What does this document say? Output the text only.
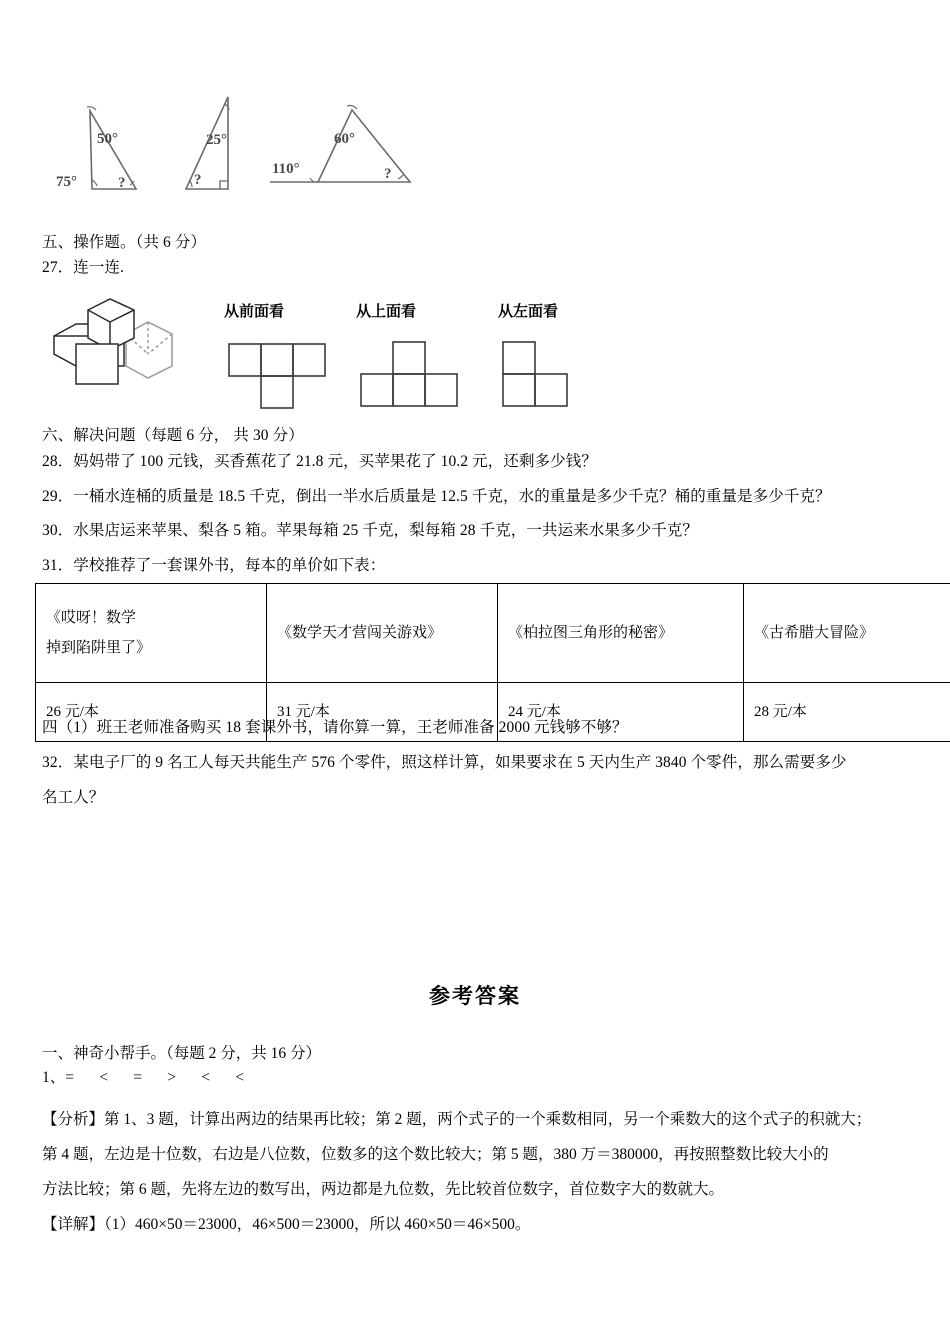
50°
75°	?
25°
?
60°
110°	?
五、操作题。（共 6 分）
27．连一连.
从前面看	从上面看	从左面看
六、解决问题（每题 6 分， 共 30 分）
28．妈妈带了 100 元钱，买香蕉花了 21.8 元，买苹果花了 10.2 元，还剩多少钱？
29．一桶水连桶的质量是 18.5 千克，倒出一半水后质量是 12.5 千克，水的重量是多少千克？桶的重量是多少千克？
30．水果店运来苹果、梨各 5 箱。苹果每箱 25 千克，梨每箱 28 千克，一共运来水果多少千克？
31．学校推荐了一套课外书，每本的单价如下表：
《哎呀！数学
掉到陷阱里了》	《数学天才营闯关游戏》	《柏拉图三角形的秘密》	《古希腊大冒险》
26 元/本	31 元/本	24 元/本	28 元/本
四（1）班王老师准备购买 18 套课外书，请你算一算，王老师准备 2000 元钱够不够？
32．某电子厂的 9 名工人每天共能生产 576 个零件，照这样计算，如果要求在 5 天内生产 3840 个零件，那么需要多少
名工人？
参考答案
一、神奇小帮手。（每题 2 分，共 16 分）
1、= < = > < <
【分析】第 1、3 题，计算出两边的结果再比较；第 2 题，两个式子的一个乘数相同，另一个乘数大的这个式子的积就大；
第 4 题，左边是十位数，右边是八位数，位数多的这个数比较大；第 5 题，380 万＝380000，再按照整数比较大小的
方法比较；第 6 题，先将左边的数写出，两边都是九位数，先比较首位数字，首位数字大的数就大。
【详解】（1）460×50＝23000，46×500＝23000，所以 460×50＝46×500。
